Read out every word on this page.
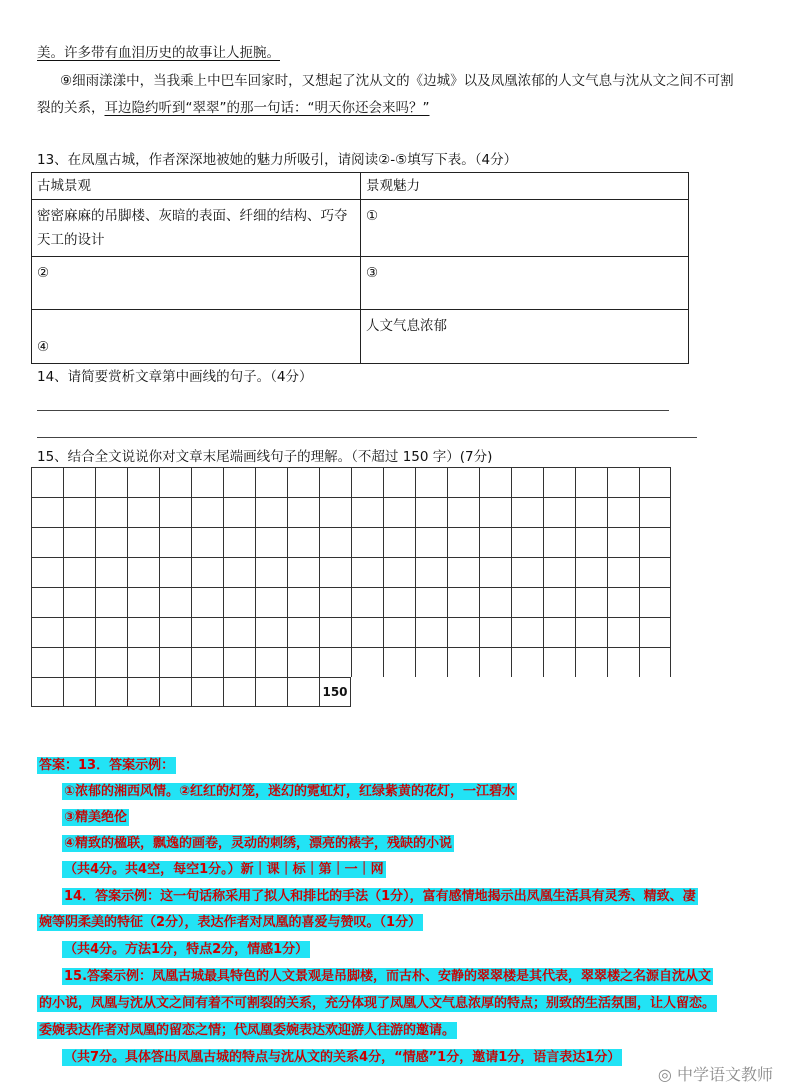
美。许多带有血泪历史的故事让人扼腕。
⑨细雨漾漾中，当我乘上中巴车回家时，又想起了沈从文的《边城》以及凤凰浓郁的人文气息与沈从文之间不可割
裂的关系，耳边隐约听到“翠翠”的那一句话：“明天你还会来吗？”
13、在凤凰古城，作者深深地被她的魅力所吸引，请阅读②-⑤填写下表。（4分）
古城景观	景观魅力
密密麻麻的吊脚楼、灰暗的表面、纤细的结构、巧夺天工的设计	①
②	③
④	人文气息浓郁
14、请简要赏析文章第中画线的句子。（4分）
15、结合全文说说你对文章末尾端画线句子的理解。（不超过 150 字）(7分)
150
答案：13．答案示例：
①浓郁的湘西风情。②红红的灯笼，迷幻的霓虹灯，红绿紫黄的花灯，一江碧水
③精美绝伦
④精致的楹联，飘逸的画卷，灵动的刺绣，漂亮的裱字，残缺的小说
（共4分。共4空，每空1分。）新｜课｜标｜第｜一｜网
14．答案示例：这一句话称采用了拟人和排比的手法（1分），富有感情地揭示出凤凰生活具有灵秀、精致、凄
婉等阴柔美的特征（2分），表达作者对凤凰的喜爱与赞叹。（1分）
（共4分。方法1分，特点2分，情感1分）
15.答案示例：凤凰古城最具特色的人文景观是吊脚楼，而古朴、安静的翠翠楼是其代表，翠翠楼之名源自沈从文
的小说，凤凰与沈从文之间有着不可割裂的关系，充分体现了凤凰人文气息浓厚的特点；别致的生活氛围，让人留恋。
委婉表达作者对凤凰的留恋之情；代凤凰委婉表达欢迎游人往游的邀请。
（共7分。具体答出凤凰古城的特点与沈从文的关系4分，“情感”1分，邀请1分，语言表达1分）
◎ 中学语文教师
